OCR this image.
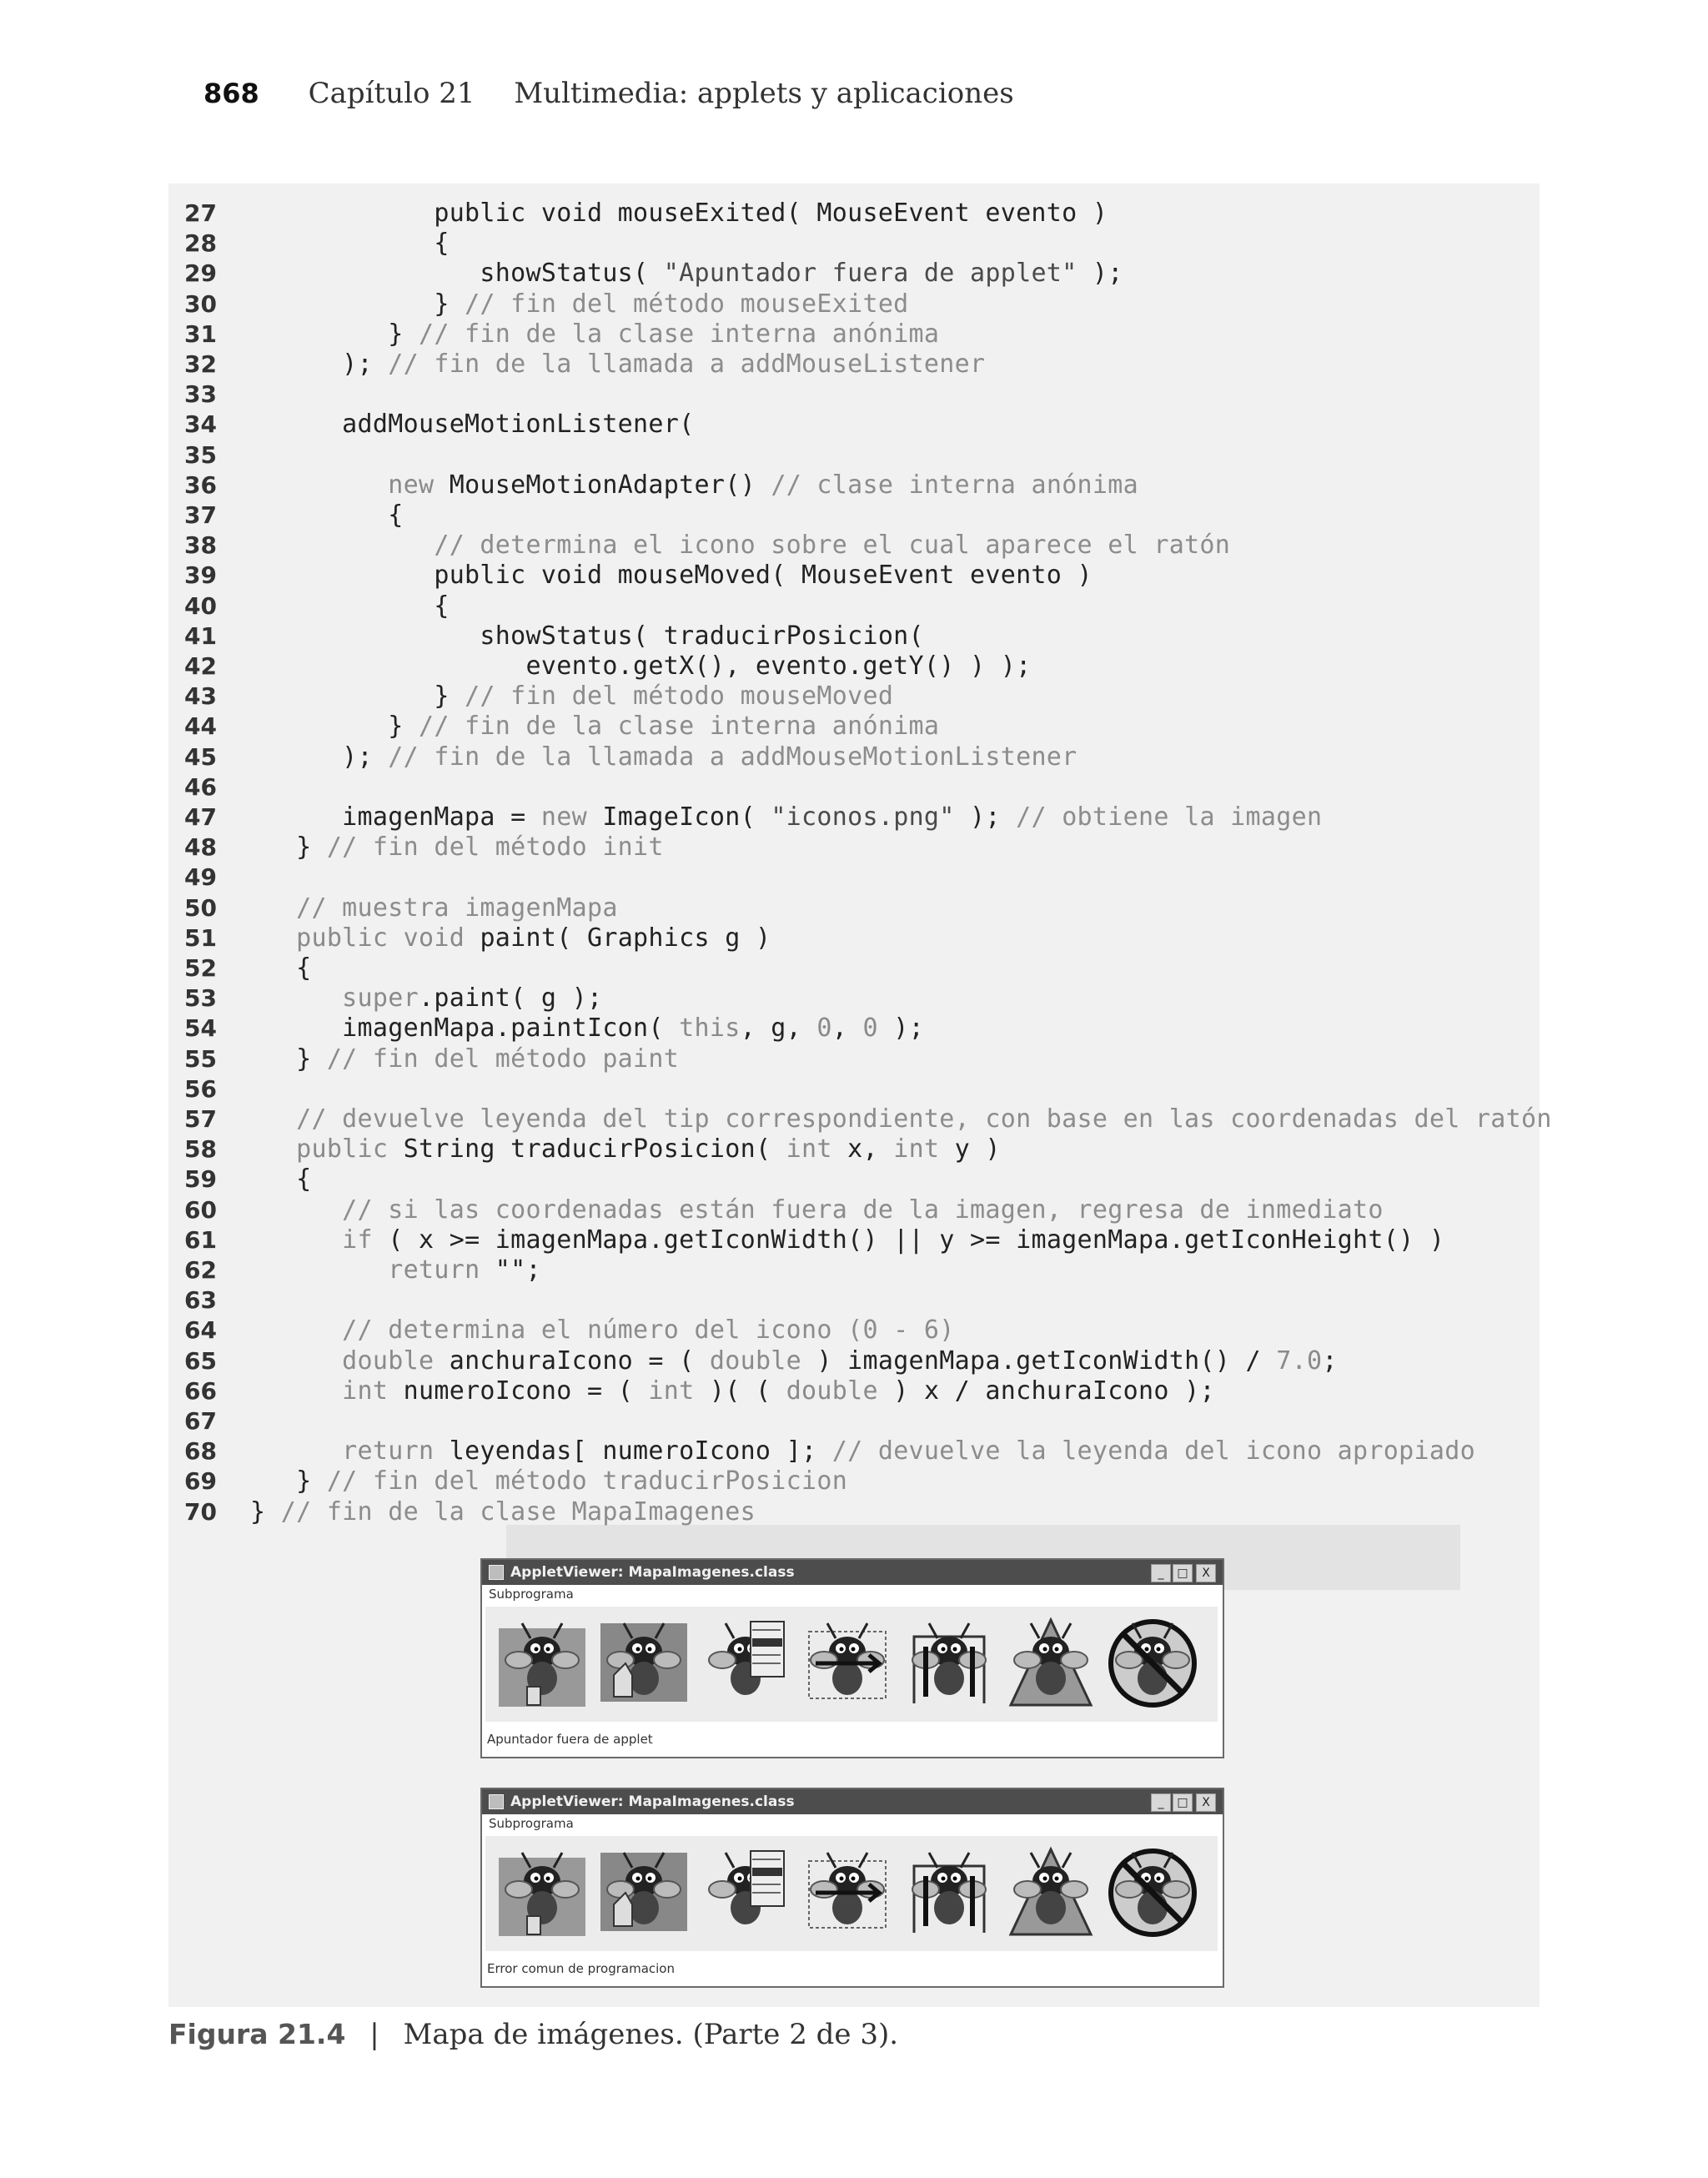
868 Capítulo 21 Multimedia: applets y aplicaciones
27 public void mouseExited( MouseEvent evento )
28 {
29 showStatus( "Apuntador fuera de applet" );
30 } // fin del método mouseExited
31 } // fin de la clase interna anónima
32 ); // fin de la llamada a addMouseListener
33
34 addMouseMotionListener(
35
36	new MouseMotionAdapter() // clase interna anónima
37 {
38	// determina el icono sobre el cual aparece el ratón
39 public void mouseMoved( MouseEvent evento )
40 {
41 showStatus( traducirPosicion(
42 evento.getX(), evento.getY() ) );
43 } // fin del método mouseMoved
44 } // fin de la clase interna anónima
45 ); // fin de la llamada a addMouseMotionListener
46
47 imagenMapa = new ImageIcon( "iconos.png" ); // obtiene la imagen
48 } // fin del método init
49
50	// muestra imagenMapa
51	public void paint( Graphics g )
52 {
53	super.paint( g );
54 imagenMapa.paintIcon( this, g, 0, 0 );
55 } // fin del método paint
56
57	// devuelve leyenda del tip correspondiente, con base en las coordenadas del ratón
58	public String traducirPosicion( int x, int y )
59 {
60	// si las coordenadas están fuera de la imagen, regresa de inmediato
61	if ( x >= imagenMapa.getIconWidth() || y >= imagenMapa.getIconHeight() )
62	return "";
63
64	// determina el número del icono (0 - 6)
65	double anchuraIcono = ( double ) imagenMapa.getIconWidth() / 7.0;
66	int numeroIcono = ( int )( ( double ) x / anchuraIcono );
67
68	return leyendas[ numeroIcono ]; // devuelve la leyenda del icono apropiado
69 } // fin del método traducirPosicion
70 } // fin de la clase MapaImagenes
AppletViewer: MapaImagenes.class	_	□	X
Subprograma
Apuntador fuera de applet
AppletViewer: MapaImagenes.class	_	□	X
Subprograma
Error comun de programacion
Figura 21.4 | Mapa de imágenes. (Parte 2 de 3).
